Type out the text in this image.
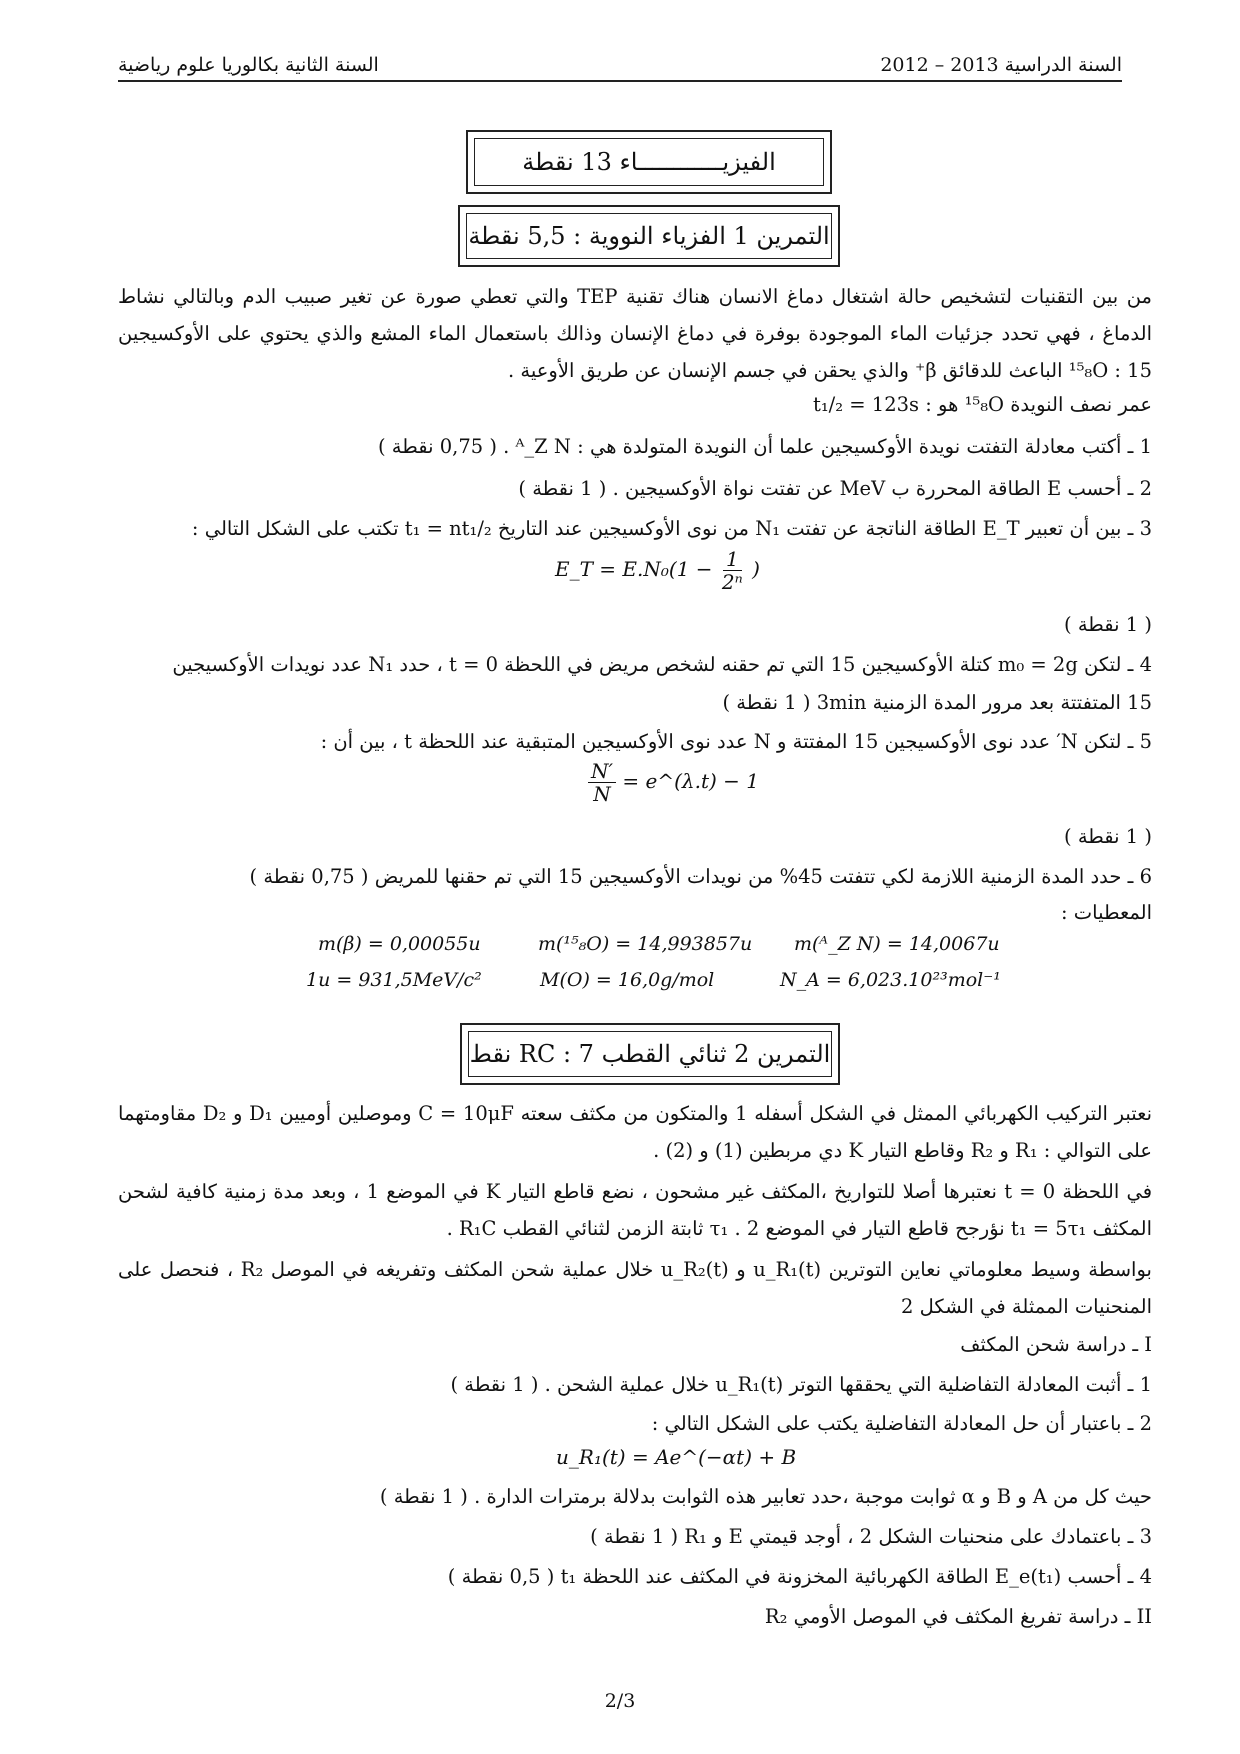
السنة الثانية بكالوريا علوم رياضية	السنة الدراسية 2013 – 2012
الفيزيــــــــــــاء 13 نقطة
التمرين 1 الفزياء النووية : 5,5 نقطة
من بين التقنيات لتشخيص حالة اشتغال دماغ الانسان هناك تقنية TEP والتي تعطي صورة عن تغير صبيب الدم وبالتالي نشاط الدماغ ، فهي تحدد جزئيات الماء الموجودة بوفرة في دماغ الإنسان وذالك باستعمال الماء المشع والذي يحتوي على الأوكسيجين 15 : ¹⁵₈O الباعث للدقائق β⁺ والذي يحقن في جسم الإنسان عن طريق الأوعية .
عمر نصف النويدة ¹⁵₈O هو : t₁/₂ = 123s
1 ـ أكتب معادلة التفتت نويدة الأوكسيجين علما أن النويدة المتولدة هي : ᴬ_Z N . ( 0,75 نقطة )
2 ـ أحسب E الطاقة المحررة ب MeV عن تفتت نواة الأوكسيجين . ( 1 نقطة )
3 ـ بين أن تعبير E_T الطاقة الناتجة عن تفتت N₁ من نوى الأوكسيجين عند التاريخ t₁ = nt₁/₂ تكتب على الشكل التالي :
E_T = $E.N_0(1 - \frac{1}{\text{2ⁿ}}$ )
( 1 نقطة )
4 ـ لتكن m₀ = 2g كتلة الأوكسيجين 15 التي تم حقنه لشخص مريض في اللحظة t = 0 ، حدد N₁ عدد نويدات الأوكسيجين
15 المتفتتة بعد مرور المدة الزمنية 3min ( 1 نقطة )
5 ـ لتكن N′ عدد نوى الأوكسيجين 15 المفتتة و N عدد نوى الأوكسيجين المتبقية عند اللحظة t ، بين أن :
$\frac{N'}{N}$ = e^(λ.t) − 1
( 1 نقطة )
6 ـ حدد المدة الزمنية اللازمة لكي تتفتت 45% من نويدات الأوكسيجين 15 التي تم حقنها للمريض ( 0,75 نقطة )
المعطيات :
m(β) = 0,00055u	m(¹⁵₈O) = 14,993857u m(ᴬ_Z N) = 14,0067u
1u = 931,5MeV/c²	M(O) = 16,0g/mol	N_A = 6,023.10²³mol⁻¹
التمرين 2 ثنائي القطب RC : 7 نقط
نعتبر التركيب الكهربائي الممثل في الشكل أسفله 1 والمتكون من مكثف سعته C = 10μF وموصلين أوميين D₁ و D₂ مقاومتهما على التوالي : R₁ و R₂ وقاطع التيار K دي مربطين (1) و (2) .
في اللحظة t = 0 نعتبرها أصلا للتواريخ ،المكثف غير مشحون ، نضع قاطع التيار K في الموضع 1 ، وبعد مدة زمنية كافية لشحن المكثف t₁ = 5τ₁ نؤرجح قاطع التيار في الموضع 2 . τ₁ ثابتة الزمن لثنائي القطب R₁C .
بواسطة وسيط معلوماتي نعاين التوترين u_R₁(t) و u_R₂(t) خلال عملية شحن المكثف وتفريغه في الموصل R₂ ، فنحصل على المنحنيات الممثلة في الشكل 2
I ـ دراسة شحن المكثف
1 ـ أثبت المعادلة التفاضلية التي يحققها التوتر u_R₁(t) خلال عملية الشحن . ( 1 نقطة )
2 ـ باعتبار أن حل المعادلة التفاضلية يكتب على الشكل التالي :
u_R₁(t) = Ae^(−αt) + B
حيث كل من A و B و α ثوابت موجبة ،حدد تعابير هذه الثوابت بدلالة برمترات الدارة . ( 1 نقطة )
3 ـ باعتمادك على منحنيات الشكل 2 ، أوجد قيمتي E و R₁ ( 1 نقطة )
4 ـ أحسب E_e(t₁) الطاقة الكهربائية المخزونة في المكثف عند اللحظة t₁ ( 0,5 نقطة )
II ـ دراسة تفريغ المكثف في الموصل الأومي R₂
2/3
